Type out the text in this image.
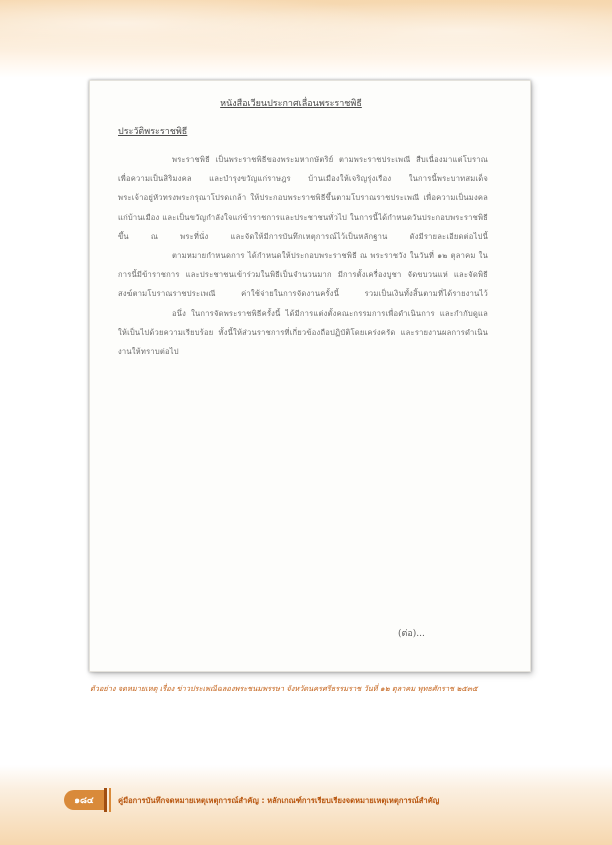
หนังสือเวียนประกาศเลื่อนพระราชพิธี
ประวัติพระราชพิธี

พระราชพิธี เป็นพระราชพิธีของพระมหากษัตริย์ ตามพระราชประเพณี สืบเนื่องมาแต่โบราณ เพื่อความเป็นสิริมงคล และบำรุงขวัญแก่ราษฎร บ้านเมืองให้เจริญรุ่งเรือง ในการนี้พระบาทสมเด็จพระเจ้าอยู่หัวทรงพระกรุณาโปรดเกล้า ให้ประกอบพระราชพิธีขึ้นตามโบราณราชประเพณี เพื่อความเป็นมงคลแก่บ้านเมือง และเป็นขวัญกำลังใจแก่ข้าราชการและประชาชนทั่วไป ในการนี้ได้กำหนดวันประกอบพระราชพิธีขึ้น ณ พระที่นั่ง และจัดให้มีการบันทึกเหตุการณ์ไว้เป็นหลักฐาน ดังมีรายละเอียดต่อไปนี้

ตามหมายกำหนดการ ได้กำหนดให้ประกอบพระราชพิธี ณ พระราชวัง ในวันที่ ๑๒ ตุลาคม ในการนี้มีข้าราชการ และประชาชนเข้าร่วมในพิธีเป็นจำนวนมาก มีการตั้งเครื่องบูชา จัดขบวนแห่ และจัดพิธีสงฆ์ตามโบราณราชประเพณี ค่าใช้จ่ายในการจัดงานครั้งนี้ รวมเป็นเงินทั้งสิ้นตามที่ได้รายงานไว้

อนึ่ง ในการจัดพระราชพิธีครั้งนี้ ได้มีการแต่งตั้งคณะกรรมการเพื่อดำเนินการ และกำกับดูแลให้เป็นไปด้วยความเรียบร้อย ทั้งนี้ให้ส่วนราชการที่เกี่ยวข้องถือปฏิบัติโดยเคร่งครัด และรายงานผลการดำเนินงานให้ทราบต่อไป

(ต่อ)...
ตัวอย่าง จดหมายเหตุ เรื่อง ข่าวประเพณีฉลองพระชนมพรรษา จังหวัดนครศรีธรรมราช วันที่ ๑๒ ตุลาคม พุทธศักราช ๒๕๓๕
๑๘๔	คู่มือการบันทึกจดหมายเหตุเหตุการณ์สำคัญ : หลักเกณฑ์การเรียบเรียงจดหมายเหตุเหตุการณ์สำคัญ
